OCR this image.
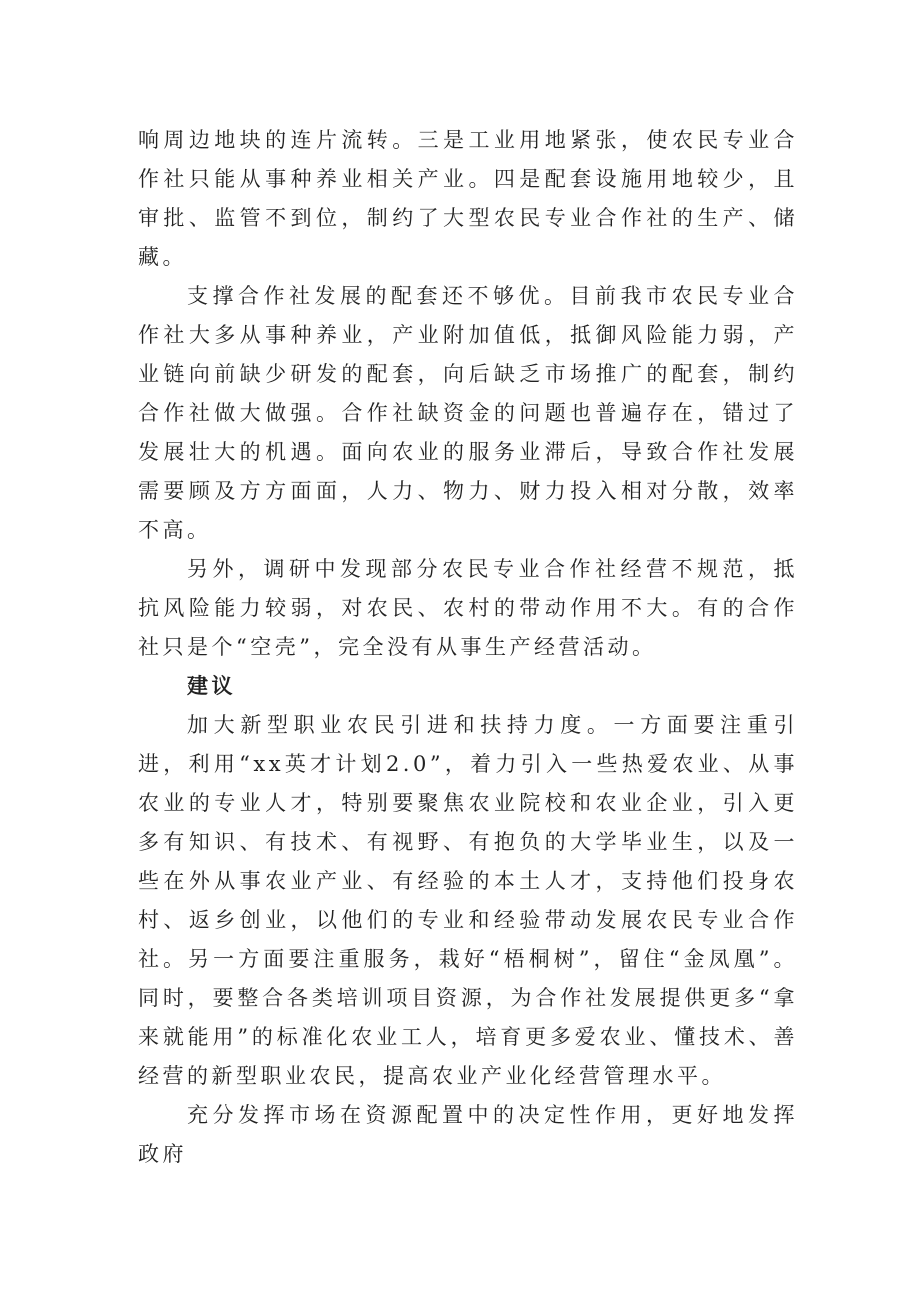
响周边地块的连片流转。三是工业用地紧张，使农民专业合作社只能从事种养业相关产业。四是配套设施用地较少，且审批、监管不到位，制约了大型农民专业合作社的生产、储藏。

支撑合作社发展的配套还不够优。目前我市农民专业合作社大多从事种养业，产业附加值低，抵御风险能力弱，产业链向前缺少研发的配套，向后缺乏市场推广的配套，制约合作社做大做强。合作社缺资金的问题也普遍存在，错过了发展壮大的机遇。面向农业的服务业滞后，导致合作社发展需要顾及方方面面，人力、物力、财力投入相对分散，效率不高。

另外，调研中发现部分农民专业合作社经营不规范，抵抗风险能力较弱，对农民、农村的带动作用不大。有的合作社只是个“空壳”，完全没有从事生产经营活动。

建议

加大新型职业农民引进和扶持力度。一方面要注重引进，利用“xx英才计划2.0”，着力引入一些热爱农业、从事农业的专业人才，特别要聚焦农业院校和农业企业，引入更多有知识、有技术、有视野、有抱负的大学毕业生，以及一些在外从事农业产业、有经验的本土人才，支持他们投身农村、返乡创业，以他们的专业和经验带动发展农民专业合作社。另一方面要注重服务，栽好“梧桐树”，留住“金凤凰”。同时，要整合各类培训项目资源，为合作社发展提供更多“拿来就能用”的标准化农业工人，培育更多爱农业、懂技术、善经营的新型职业农民，提高农业产业化经营管理水平。

充分发挥市场在资源配置中的决定性作用，更好地发挥政府
